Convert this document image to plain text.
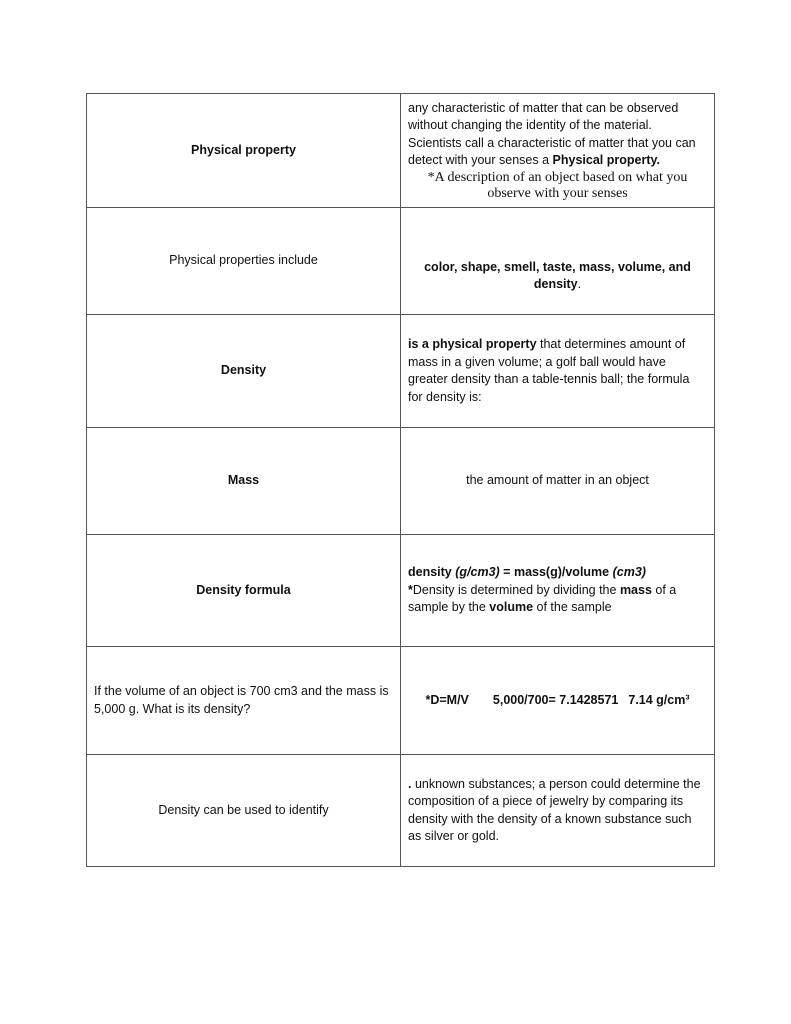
Physical property	any characteristic of matter that can be observed without changing the identity of the material. Scientists call a characteristic of matter that you can detect with your senses a Physical property.
*A description of an object based on what you observe with your senses

Physical properties include	color, shape, smell, taste, mass, volume, and density.
Density	is a physical property that determines amount of mass in a given volume; a golf ball would have greater density than a table-tennis ball; the formula for density is:
Mass	the amount of matter in an object
Density formula	density (g/cm3) = mass(g)/volume (cm3)
*Density is determined by dividing the mass of a sample by the volume of the sample
If the volume of an object is 700 cm3 and the mass is 5,000 g. What is its density?	*D=M/V 5,000/700= 7.1428571 7.14 g/cm³
Density can be used to identify	. unknown substances; a person could determine the composition of a piece of jewelry by comparing its density with the density of a known substance such as silver or gold.
